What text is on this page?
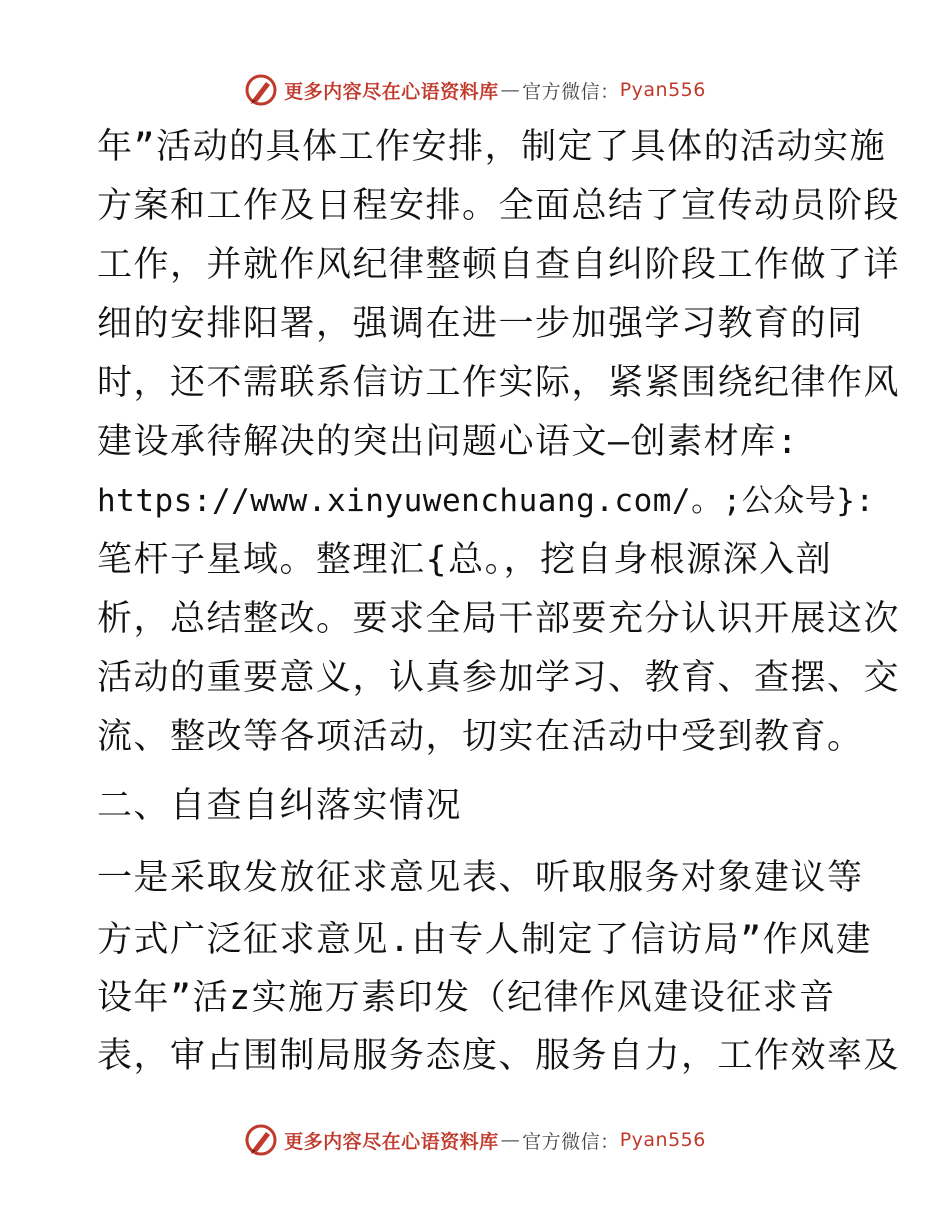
更多内容尽在心语资料库 — 官方微信： Pyan556
年”活动的具体工作安排，制定了具体的活动实施
方案和工作及日程安排。全面总结了宣传动员阶段
工作，并就作风纪律整顿自查自纠阶段工作做了详
细的安排阳署，强调在进一步加强学习教育的同
时，还不需联系信访工作实际，紧紧围绕纪律作风
建设承待解决的突出问题心语文—创素材库:
https://www.xinyuwenchuang.com/。;公众号}:
笔杆子星域。整理汇{总。，挖自身根源深入剖
析，总结整改。要求全局干部要充分认识开展这次
活动的重要意义，认真参加学习、教育、查摆、交
流、整改等各项活动，切实在活动中受到教育。
二、自查自纠落实情况
一是采取发放征求意见表、听取服务对象建议等
方式广泛征求意见.由专人制定了信访局”作风建
设年”活z实施万素印发（纪律作风建设征求音
表，审占围制局服务态度、服务自力，工作效率及
更多内容尽在心语资料库 — 官方微信： Pyan556
